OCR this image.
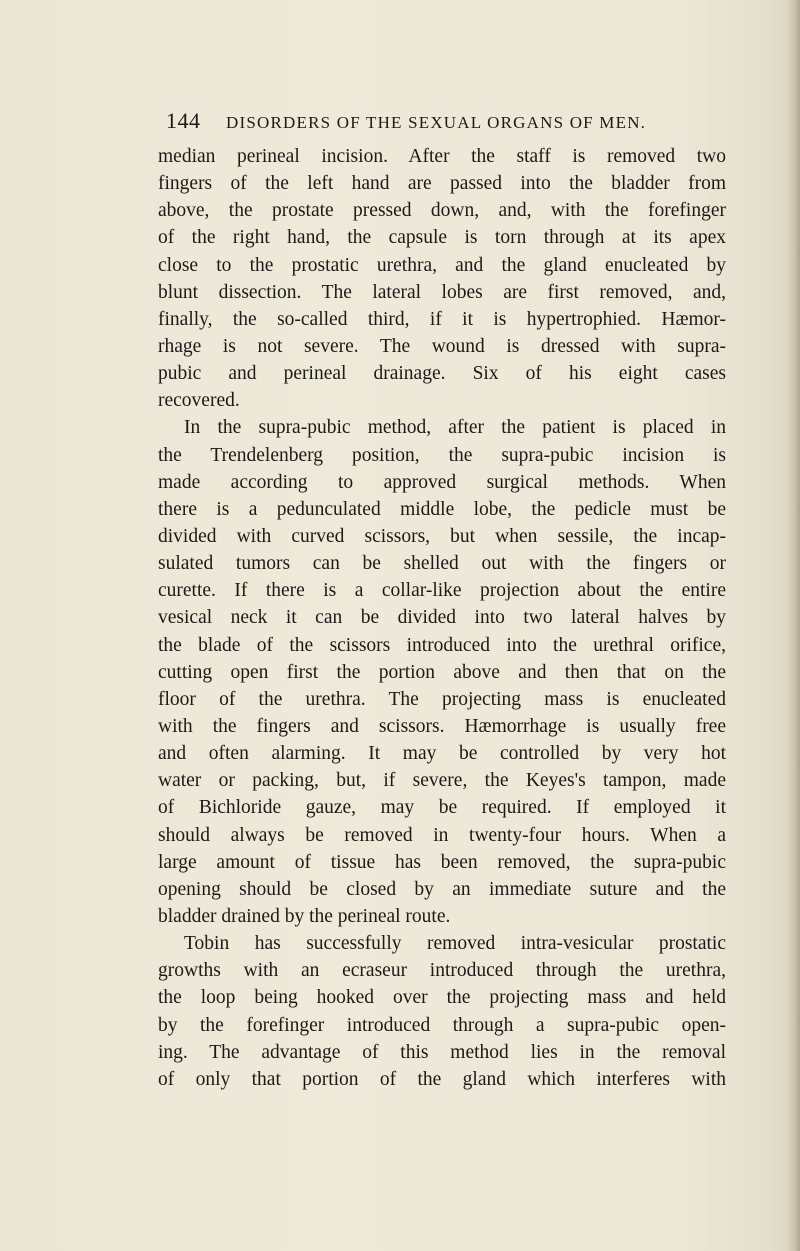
144 DISORDERS OF THE SEXUAL ORGANS OF MEN.
median perineal incision. After the staff is removed two
fingers of the left hand are passed into the bladder from
above, the prostate pressed down, and, with the forefinger
of the right hand, the capsule is torn through at its apex
close to the prostatic urethra, and the gland enucleated by
blunt dissection. The lateral lobes are first removed, and,
finally, the so-called third, if it is hypertrophied. Hæmor-
rhage is not severe. The wound is dressed with supra-
pubic and perineal drainage. Six of his eight cases
recovered.
In the supra-pubic method, after the patient is placed in
the Trendelenberg position, the supra-pubic incision is
made according to approved surgical methods. When
there is a pedunculated middle lobe, the pedicle must be
divided with curved scissors, but when sessile, the incap-
sulated tumors can be shelled out with the fingers or
curette. If there is a collar-like projection about the entire
vesical neck it can be divided into two lateral halves by
the blade of the scissors introduced into the urethral orifice,
cutting open first the portion above and then that on the
floor of the urethra. The projecting mass is enucleated
with the fingers and scissors. Hæmorrhage is usually free
and often alarming. It may be controlled by very hot
water or packing, but, if severe, the Keyes's tampon, made
of Bichloride gauze, may be required. If employed it
should always be removed in twenty-four hours. When a
large amount of tissue has been removed, the supra-pubic
opening should be closed by an immediate suture and the
bladder drained by the perineal route.
Tobin has successfully removed intra-vesicular prostatic
growths with an ecraseur introduced through the urethra,
the loop being hooked over the projecting mass and held
by the forefinger introduced through a supra-pubic open-
ing. The advantage of this method lies in the removal
of only that portion of the gland which interferes with
